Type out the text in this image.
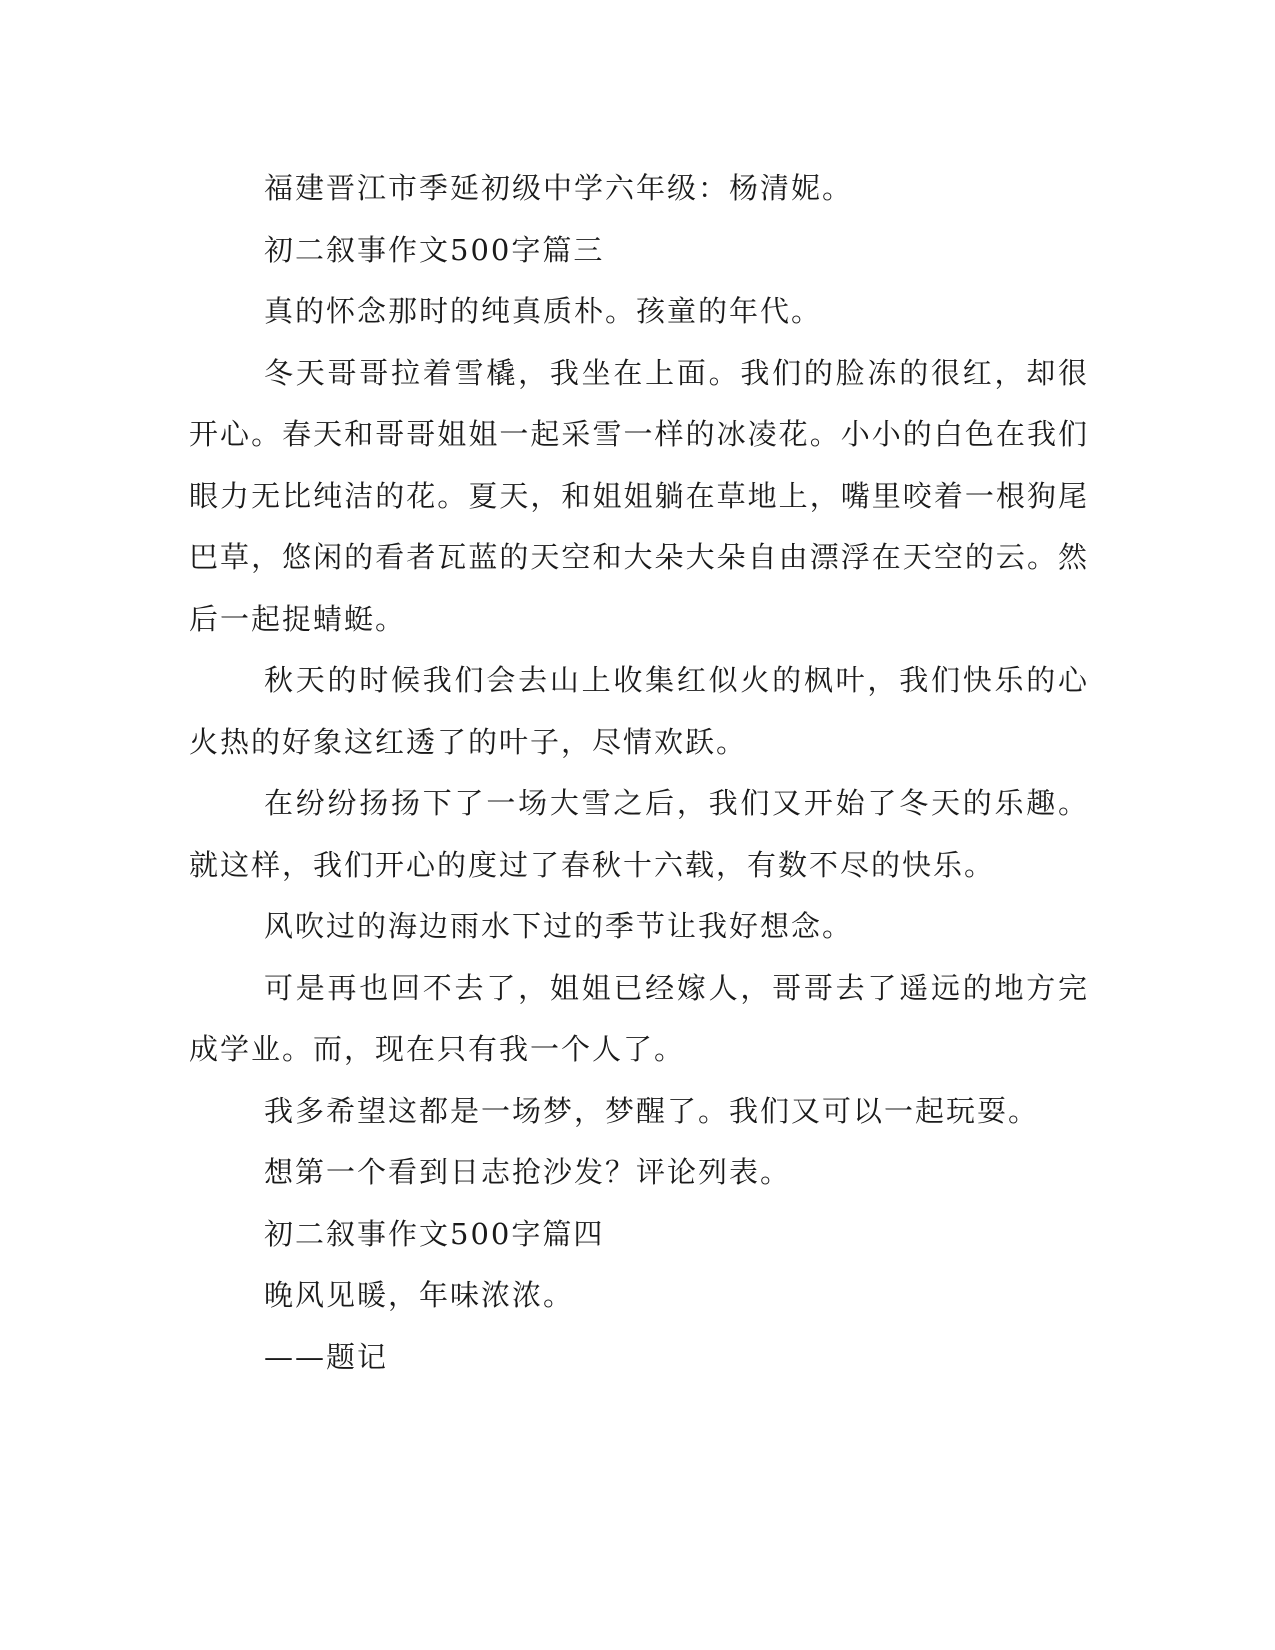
福建晋江市季延初级中学六年级：杨清妮。

初二叙事作文500字篇三

真的怀念那时的纯真质朴。孩童的年代。

冬天哥哥拉着雪橇，我坐在上面。我们的脸冻的很红，却很开心。春天和哥哥姐姐一起采雪一样的冰凌花。小小的白色在我们眼力无比纯洁的花。夏天，和姐姐躺在草地上，嘴里咬着一根狗尾巴草，悠闲的看者瓦蓝的天空和大朵大朵自由漂浮在天空的云。然后一起捉蜻蜓。

秋天的时候我们会去山上收集红似火的枫叶，我们快乐的心火热的好象这红透了的叶子，尽情欢跃。

在纷纷扬扬下了一场大雪之后，我们又开始了冬天的乐趣。就这样，我们开心的度过了春秋十六载，有数不尽的快乐。

风吹过的海边雨水下过的季节让我好想念。

可是再也回不去了，姐姐已经嫁人，哥哥去了遥远的地方完成学业。而，现在只有我一个人了。

我多希望这都是一场梦，梦醒了。我们又可以一起玩耍。

想第一个看到日志抢沙发？评论列表。

初二叙事作文500字篇四

晚风见暖，年味浓浓。

——题记
